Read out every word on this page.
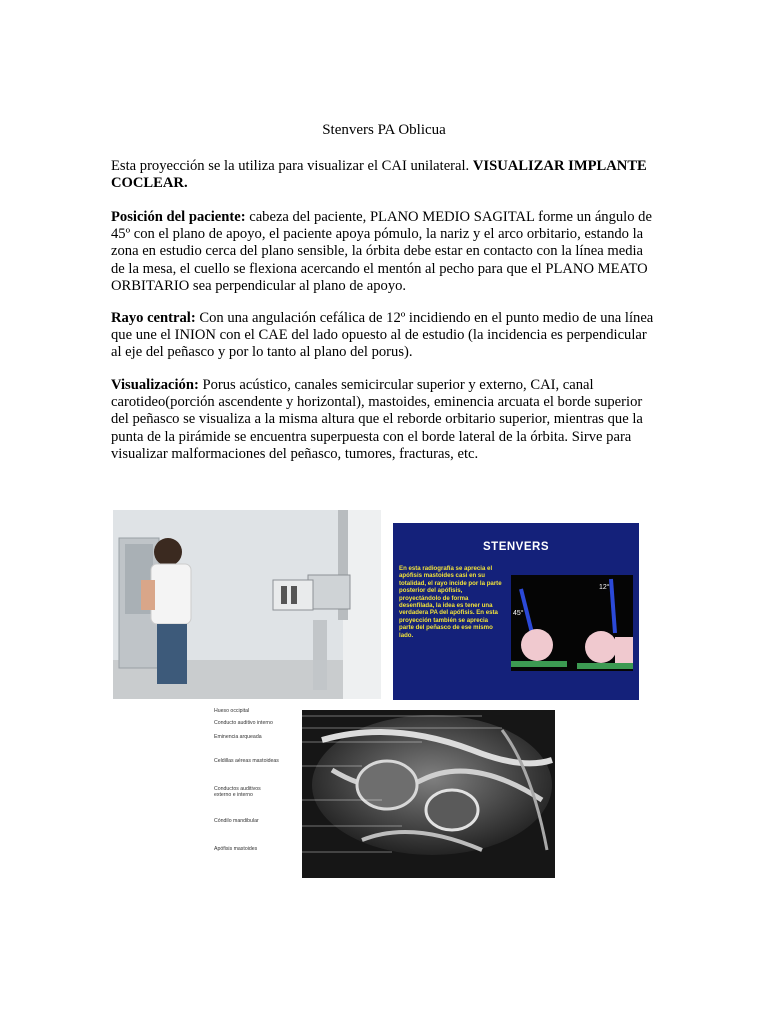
Stenvers PA Oblicua
Esta proyección se la utiliza para visualizar el CAI unilateral. VISUALIZAR IMPLANTE COCLEAR.
Posición del paciente: cabeza del paciente, PLANO MEDIO SAGITAL forme un ángulo de 45º con el plano de apoyo, el paciente apoya pómulo, la nariz y el arco orbitario, estando la zona en estudio cerca del plano sensible, la órbita debe estar en contacto con la línea media de la mesa, el cuello se flexiona acercando el mentón al pecho para que el PLANO MEATO ORBITARIO sea perpendicular al plano de apoyo.
Rayo central: Con una angulación cefálica de 12º incidiendo en el punto medio de una línea que une el INION con el CAE del lado opuesto al de estudio (la incidencia es perpendicular al eje del peñasco y por lo tanto al plano del porus).
Visualización: Porus acústico, canales semicircular superior y externo, CAI, canal carotideo(porción ascendente y horizontal), mastoides, eminencia arcuata el borde superior del peñasco se visualiza a la misma altura que el reborde orbitario superior, mientras que la punta de la pirámide se encuentra superpuesta con el borde lateral de la órbita. Sirve para visualizar malformaciones del peñasco, tumores, fracturas, etc.
STENVERS
En esta radiografía se aprecia el apófisis mastoides casi en su totalidad, el rayo incide por la parte posterior del apófisis, proyectándolo de forma desenfilada, la idea es tener una verdadera PA del apófisis. En esta proyección también se aprecia parte del peñasco de ese mismo lado.
45°
12°
Hueso occipital
Conducto auditivo interno
Eminencia arqueada
Celdillas aéreas mastoideas
Conductos auditivos externo e interno
Cóndilo mandibular
Apófisis mastoides
